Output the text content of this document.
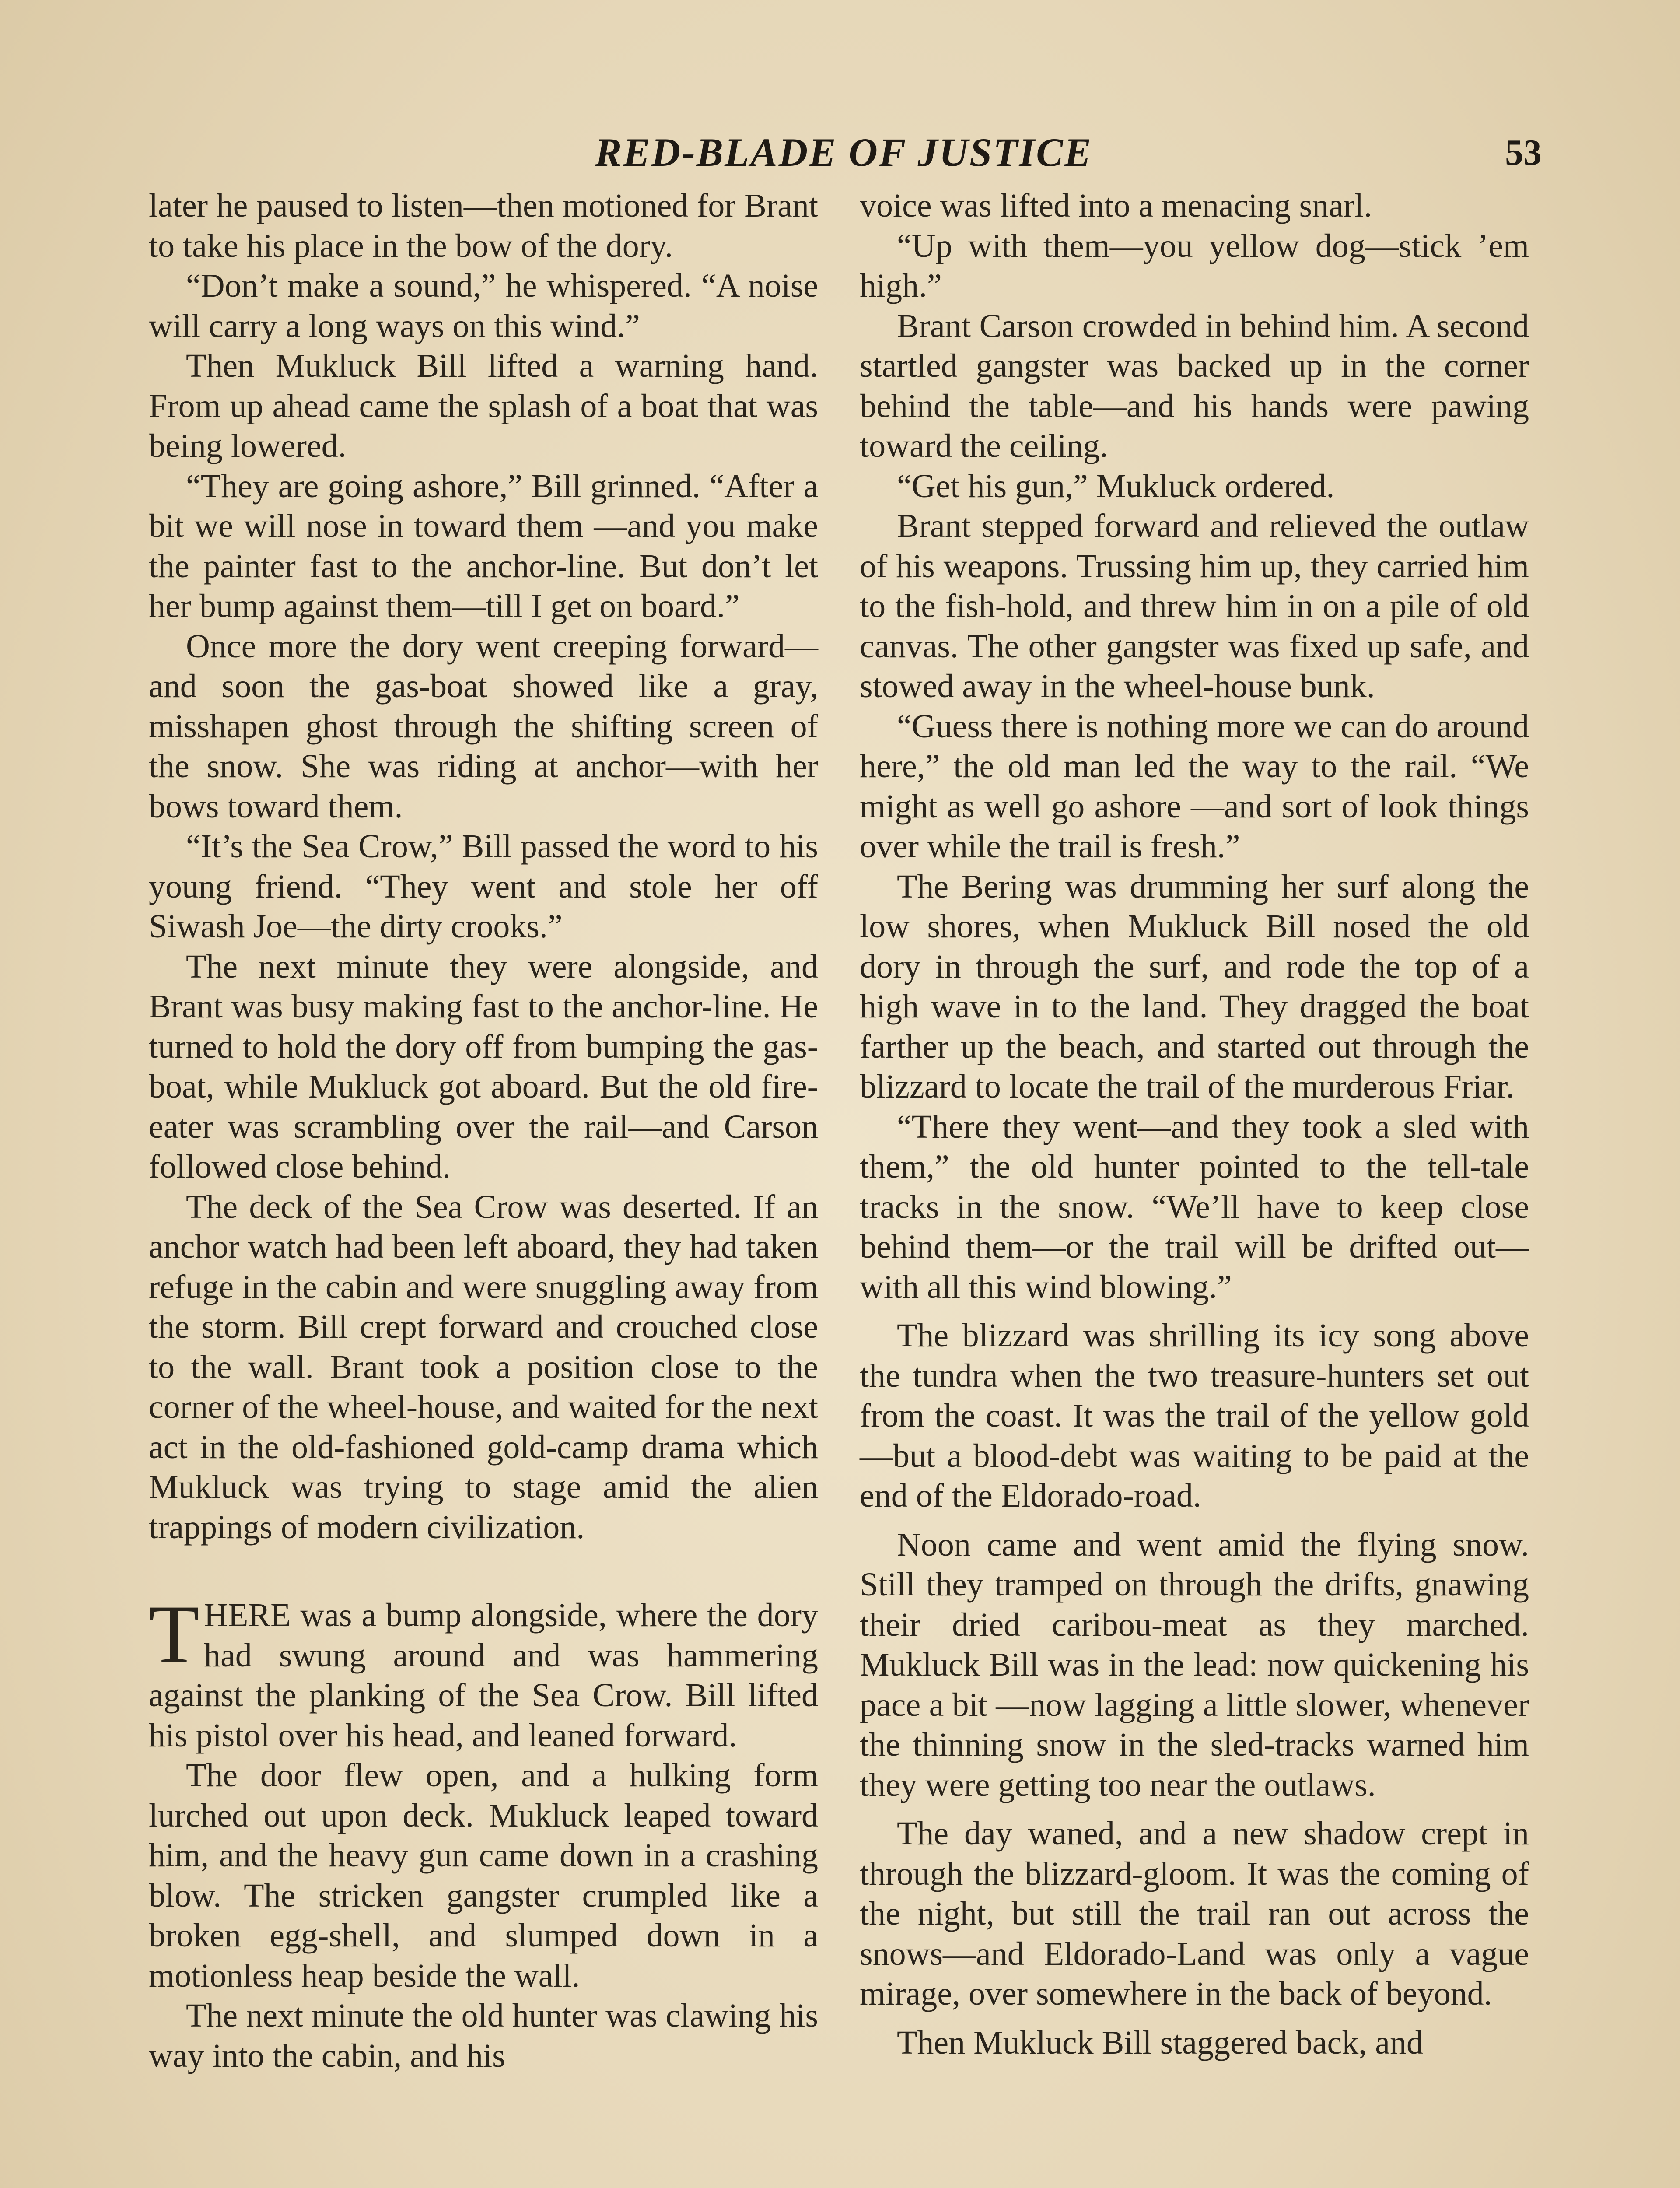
RED-BLADE OF JUSTICE	53

later he paused to listen—then motioned for Brant to take his place in the bow of the dory.

“Don’t make a sound,” he whispered. “A noise will carry a long ways on this wind.”

Then Mukluck Bill lifted a warning hand. From up ahead came the splash of a boat that was being lowered.

“They are going ashore,” Bill grinned. “After a bit we will nose in toward them —and you make the painter fast to the anchor-line. But don’t let her bump against them—till I get on board.”

Once more the dory went creeping forward—and soon the gas-boat showed like a gray, misshapen ghost through the shifting screen of the snow. She was riding at anchor—with her bows toward them.

“It’s the Sea Crow,” Bill passed the word to his young friend. “They went and stole her off Siwash Joe—the dirty crooks.”

The next minute they were alongside, and Brant was busy making fast to the anchor-line. He turned to hold the dory off from bumping the gas-boat, while Mukluck got aboard. But the old fire-eater was scrambling over the rail—and Carson followed close behind.

The deck of the Sea Crow was deserted. If an anchor watch had been left aboard, they had taken refuge in the cabin and were snuggling away from the storm. Bill crept forward and crouched close to the wall. Brant took a position close to the corner of the wheel-house, and waited for the next act in the old-fashioned gold-camp drama which Mukluck was trying to stage amid the alien trappings of modern civilization.

THERE was a bump alongside, where the dory had swung around and was hammering against the planking of the Sea Crow. Bill lifted his pistol over his head, and leaned forward.

The door flew open, and a hulking form lurched out upon deck. Mukluck leaped toward him, and the heavy gun came down in a crashing blow. The stricken gangster crumpled like a broken egg-shell, and slumped down in a motionless heap beside the wall.

The next minute the old hunter was clawing his way into the cabin, and his

voice was lifted into a menacing snarl.

“Up with them—you yellow dog—stick ’em high.”

Brant Carson crowded in behind him. A second startled gangster was backed up in the corner behind the table—and his hands were pawing toward the ceiling.

“Get his gun,” Mukluck ordered.

Brant stepped forward and relieved the outlaw of his weapons. Trussing him up, they carried him to the fish-hold, and threw him in on a pile of old canvas. The other gangster was fixed up safe, and stowed away in the wheel-house bunk.

“Guess there is nothing more we can do around here,” the old man led the way to the rail. “We might as well go ashore —and sort of look things over while the trail is fresh.”

The Bering was drumming her surf along the low shores, when Mukluck Bill nosed the old dory in through the surf, and rode the top of a high wave in to the land. They dragged the boat farther up the beach, and started out through the blizzard to locate the trail of the murderous Friar.

“There they went—and they took a sled with them,” the old hunter pointed to the tell-tale tracks in the snow. “We’ll have to keep close behind them—or the trail will be drifted out—with all this wind blowing.”

The blizzard was shrilling its icy song above the tundra when the two treasure-hunters set out from the coast. It was the trail of the yellow gold—but a blood-debt was waiting to be paid at the end of the Eldorado-road.

Noon came and went amid the flying snow. Still they tramped on through the drifts, gnawing their dried caribou-meat as they marched. Mukluck Bill was in the lead: now quickening his pace a bit —now lagging a little slower, whenever the thinning snow in the sled-tracks warned him they were getting too near the outlaws.

The day waned, and a new shadow crept in through the blizzard-gloom. It was the coming of the night, but still the trail ran out across the snows—and Eldorado-Land was only a vague mirage, over somewhere in the back of beyond.

Then Mukluck Bill staggered back, and
